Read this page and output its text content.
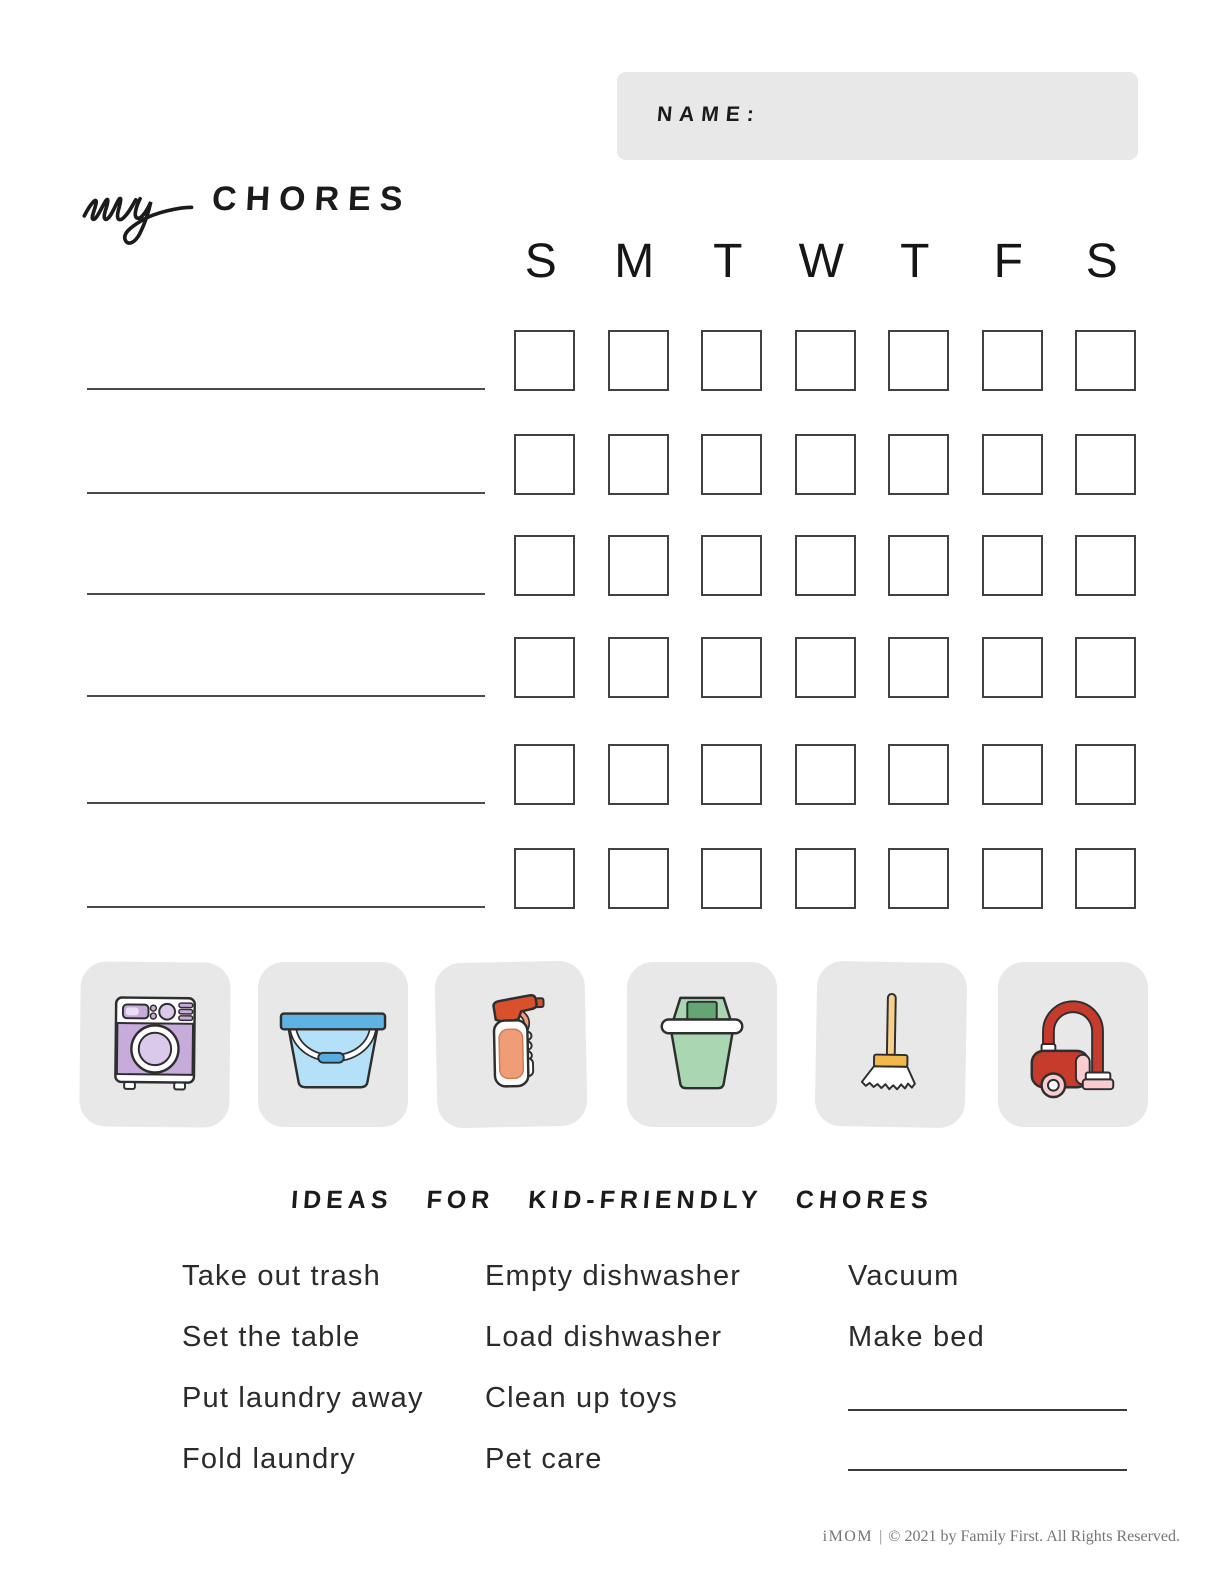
NAME:
CHORES
S	M	T	W	T	F	S
IDEAS FOR KID-FRIENDLY CHORES
Take out trash
Set the table
Put laundry away
Fold laundry
Empty dishwasher
Load dishwasher
Clean up toys
Pet care
Vacuum
Make bed
iMOM | © 2021 by Family First. All Rights Reserved.
